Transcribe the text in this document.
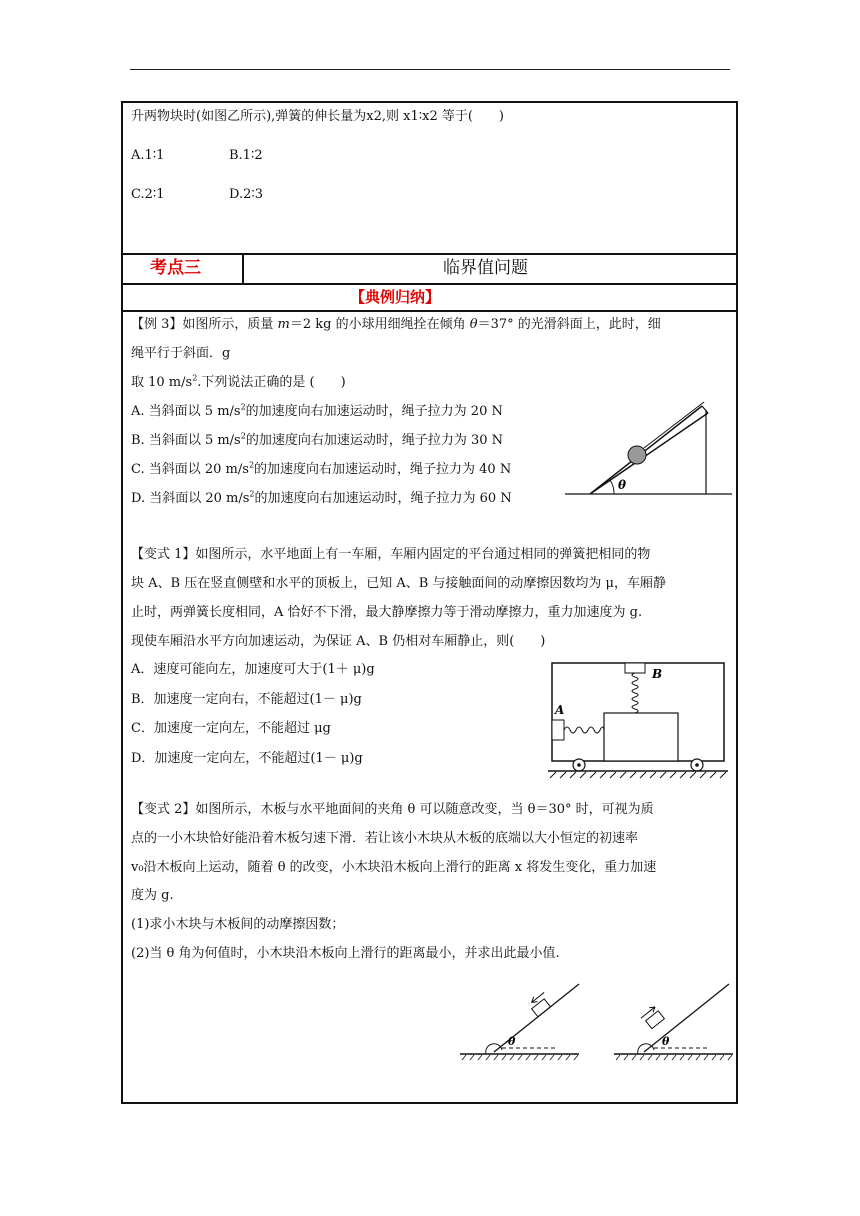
升两物块时(如图乙所示),弹簧的伸长量为x2,则 x1∶x2 等于(　　)
A.1∶1	B.1∶2
C.2∶1	D.2∶3
考点三	临界值问题
【典例归纳】
【例 3】如图所示，质量 m＝2 kg 的小球用细绳拴在倾角 θ＝37° 的光滑斜面上，此时，细
绳平行于斜面．g
取 10 $m/s^2$.下列说法正确的是 (　　)
A. 当斜面以 5 $m/s^2$的加速度向右加速运动时，绳子拉力为 20 N
B. 当斜面以 5 $m/s^2$的加速度向右加速运动时，绳子拉力为 30 N
C. 当斜面以 20 $m/s^2$的加速度向右加速运动时，绳子拉力为 40 N
D. 当斜面以 20 $m/s^2$的加速度向右加速运动时，绳子拉力为 60 N
θ
【变式 1】如图所示，水平地面上有一车厢，车厢内固定的平台通过相同的弹簧把相同的物
块 A、B 压在竖直侧壁和水平的顶板上，已知 A、B 与接触面间的动摩擦因数均为 μ，车厢静
止时，两弹簧长度相同，A 恰好不下滑，最大静摩擦力等于滑动摩擦力，重力加速度为 g.
现使车厢沿水平方向加速运动，为保证 A、B 仍相对车厢静止，则(　　)
A．速度可能向左，加速度可大于(1＋ μ)g
B．加速度一定向右，不能超过(1－ μ)g
C．加速度一定向左，不能超过 μg
D．加速度一定向左，不能超过(1－ μ)g
A
B
【变式 2】如图所示，木板与水平地面间的夹角 θ 可以随意改变，当 θ＝30° 时，可视为质
点的一小木块恰好能沿着木板匀速下滑．若让该小木块从木板的底端以大小恒定的初速率
v₀沿木板向上运动，随着 θ 的改变，小木块沿木板向上滑行的距离 x 将发生变化，重力加速
度为 g.
(1)求小木块与木板间的动摩擦因数；
(2)当 θ 角为何值时，小木块沿木板向上滑行的距离最小，并求出此最小值.
θ	θ
